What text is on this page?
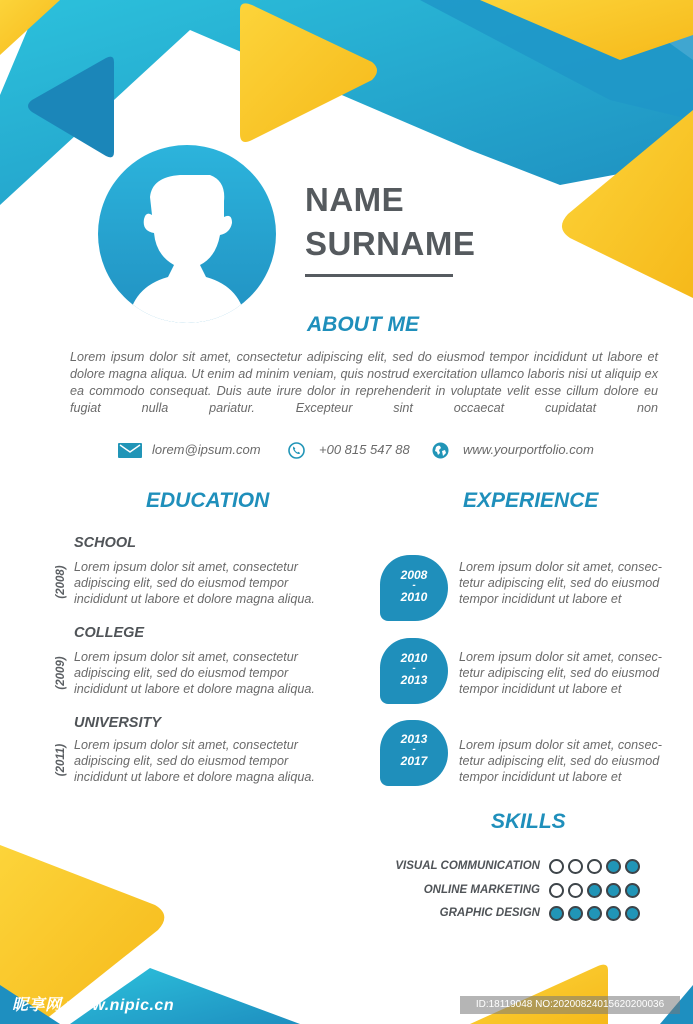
NAME
SURNAME
ABOUT ME

Lorem ipsum dolor sit amet, consectetur adipiscing elit, sed do eiusmod tempor incididunt ut labore et dolore magna aliqua. Ut enim ad minim veniam, quis nostrud exercitation ullamco laboris nisi ut aliquip ex ea commodo consequat. Duis aute irure dolor in reprehenderit in voluptate velit esse cillum dolore eu fugiat nulla pariatur. Excepteur sint occaecat cupidatat non

lorem@ipsum.com	+00 815 547 88	www.yourportfolio.com
EDUCATION
(2008)
SCHOOL
Lorem ipsum dolor sit amet, consectetur
adipiscing elit, sed do eiusmod tempor
incididunt ut labore et dolore magna aliqua.
(2009)
COLLEGE
Lorem ipsum dolor sit amet, consectetur
adipiscing elit, sed do eiusmod tempor
incididunt ut labore et dolore magna aliqua.
(2011)
UNIVERSITY
Lorem ipsum dolor sit amet, consectetur
adipiscing elit, sed do eiusmod tempor
incididunt ut labore et dolore magna aliqua.
EXPERIENCE
2008
-
2010
Lorem ipsum dolor sit amet, consec-
tetur adipiscing elit, sed do eiusmod
tempor incididunt ut labore et
2010
-
2013
Lorem ipsum dolor sit amet, consec-
tetur adipiscing elit, sed do eiusmod
tempor incididunt ut labore et
2013
-
2017
Lorem ipsum dolor sit amet, consec-
tetur adipiscing elit, sed do eiusmod
tempor incididunt ut labore et
SKILLS
VISUAL COMMUNICATION
ONLINE MARKETING
GRAPHIC DESIGN
昵享网 www.nipic.cn	ID:18119048 NO:20200824015620200036
